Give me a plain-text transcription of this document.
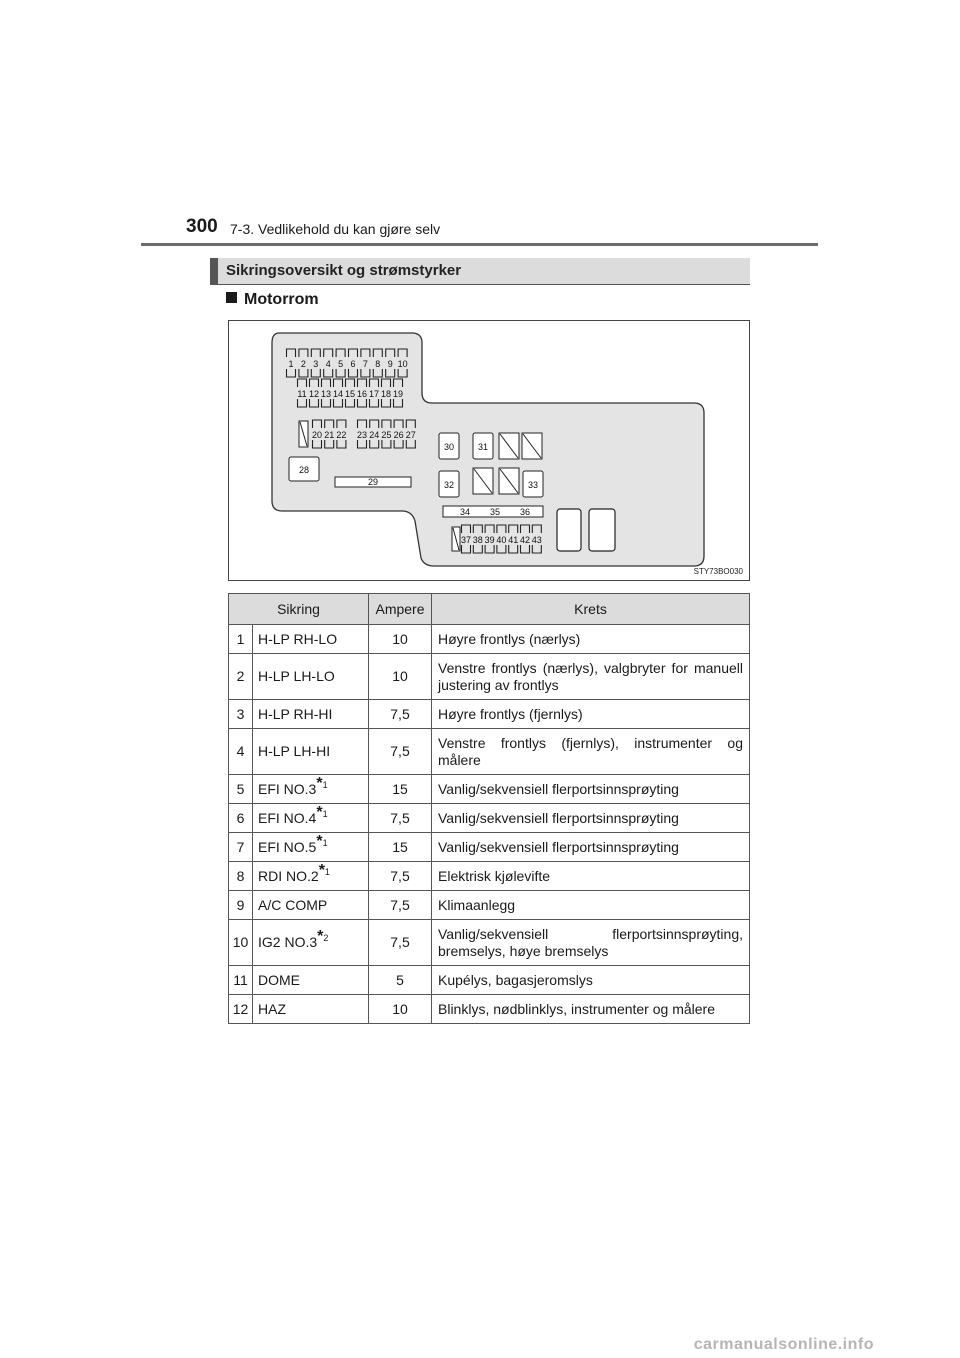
300 7-3. Vedlikehold du kan gjøre selv
Sikringsoversikt og strømstyrker
Motorrom
1 2 3 4 5 6 7 8 9 10
11 12 13 14 15 16 17 18 19
20 21 22 23 24 25 26 27
28
29
30	31
32	33
34 35 36
37 38 39 40 41 42 43
STY73BO030
Sikring		Ampere	Krets
1	H-LP RH-LO	10	Høyre frontlys (nærlys)
2	H-LP LH-LO	10	Venstre frontlys (nærlys), valgbryter for manuell justering av frontlys
3	H-LP RH-HI	7,5	Høyre frontlys (fjernlys)
4	H-LP LH-HI	7,5	Venstre frontlys (fjernlys), instrumenter og målere
5	EFI NO.3$^{*1}$	15	Vanlig/sekvensiell flerportsinnsprøyting
6	EFI NO.4$^{*1}$	7,5	Vanlig/sekvensiell flerportsinnsprøyting
7	EFI NO.5$^{*1}$	15	Vanlig/sekvensiell flerportsinnsprøyting
8	RDI NO.2$^{*1}$	7,5	Elektrisk kjølevifte
9	A/C COMP	7,5	Klimaanlegg
10	IG2 NO.3$^{*2}$	7,5	Vanlig/sekvensiell flerportsinnsprøyting, bremselys, høye bremselys
11	DOME	5	Kupélys, bagasjeromslys
12	HAZ	10	Blinklys, nødblinklys, instrumenter og målere
carmanualsonline.info
